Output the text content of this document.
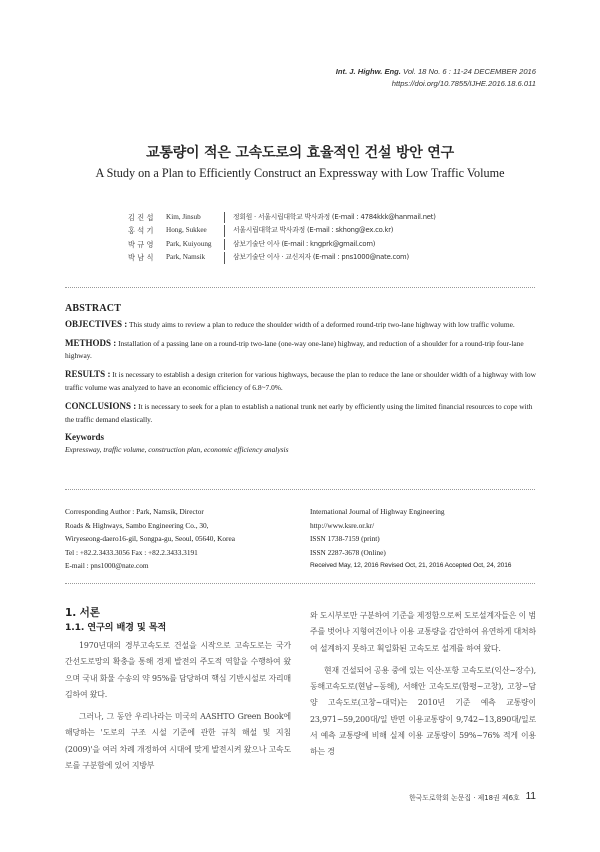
Int. J. Highw. Eng. Vol. 18 No. 6 : 11-24 DECEMBER 2016
https://doi.org/10.7855/IJHE.2016.18.6.011
교통량이 적은 고속도로의 효율적인 건설 방안 연구
A Study on a Plan to Efficiently Construct an Expressway with Low Traffic Volume
김 진 섭	Kim, Jinsub	정회원 · 서울시립대학교 박사과정 (E-mail : 4784kkk@hanmail.net)
홍 석 기	Hong, Sukkee	서울시립대학교 박사과정 (E-mail : skhong@ex.co.kr)
박 규 영	Park, Kuiyoung	삼보기술단 이사 (E-mail : kngprk@gmail.com)
박 남 식	Park, Namsik	삼보기술단 이사 · 교신저자 (E-mail : pns1000@nate.com)
ABSTRACT

OBJECTIVES : This study aims to review a plan to reduce the shoulder width of a deformed round-trip two-lane highway with low traffic volume.

METHODS : Installation of a passing lane on a round-trip two-lane (one-way one-lane) highway, and reduction of a shoulder for a round-trip four-lane highway.

RESULTS : It is necessary to establish a design criterion for various highways, because the plan to reduce the lane or shoulder width of a highway with low traffic volume was analyzed to have an economic efficiency of 6.8~7.0%.

CONCLUSIONS : It is necessary to seek for a plan to establish a national trunk net early by efficiently using the limited financial resources to cope with the traffic demand elastically.

Keywords
Expressway, traffic volume, construction plan, economic efficiency analysis
Corresponding Author : Park, Namsik, Director
Roads & Highways, Sambo Engineering Co., 30,
Wiryeseong-daero16-gil, Songpa-gu, Seoul, 05640, Korea
Tel : +82.2.3433.3056 Fax : +82.2.3433.3191
E-mail : pns1000@nate.com
International Journal of Highway Engineering
http://www.ksre.or.kr/
ISSN 1738-7159 (print)
ISSN 2287-3678 (Online)
Received May, 12, 2016 Revised Oct, 21, 2016 Accepted Oct, 24, 2016
1. 서론
1.1. 연구의 배경 및 목적

1970년대의 경부고속도로 건설을 시작으로 고속도로는 국가 간선도로망의 확충을 통해 경제 발전의 주도적 역할을 수행하여 왔으며 국내 화물 수송의 약 95%를 담당하며 핵심 기반시설로 자리매김하여 왔다.

그러나, 그 동안 우리나라는 미국의 AASHTO Green Book에 해당하는 '도로의 구조 시설 기준에 관한 규칙 해설 및 지침(2009)'을 여러 차례 개정하여 시대에 맞게 발전시켜 왔으나 고속도로를 구분함에 있어 지방부

와 도시부로만 구분하여 기준을 제정함으로써 도로설계자들은 이 범주를 벗어나 지형여건이나 이용 교통량을 감안하여 유연하게 대처하여 설계하지 못하고 획일화된 고속도로 설계를 하여 왔다.

현재 건설되어 공용 중에 있는 익산-포항 고속도로(익산~장수), 동해고속도로(현남~동해), 서해안 고속도로(함평~고창), 고창~담양 고속도로(고창~대덕)는 2010년 기준 예측 교통량이23,971~59,200대/일 반면 이용교통량이 9,742~13,890대/일로서 예측 교통량에 비해 실제 이용 교통량이 59%~76% 적게 이용하는 경

한국도로학회 논문집 · 제18권 제6호 11
